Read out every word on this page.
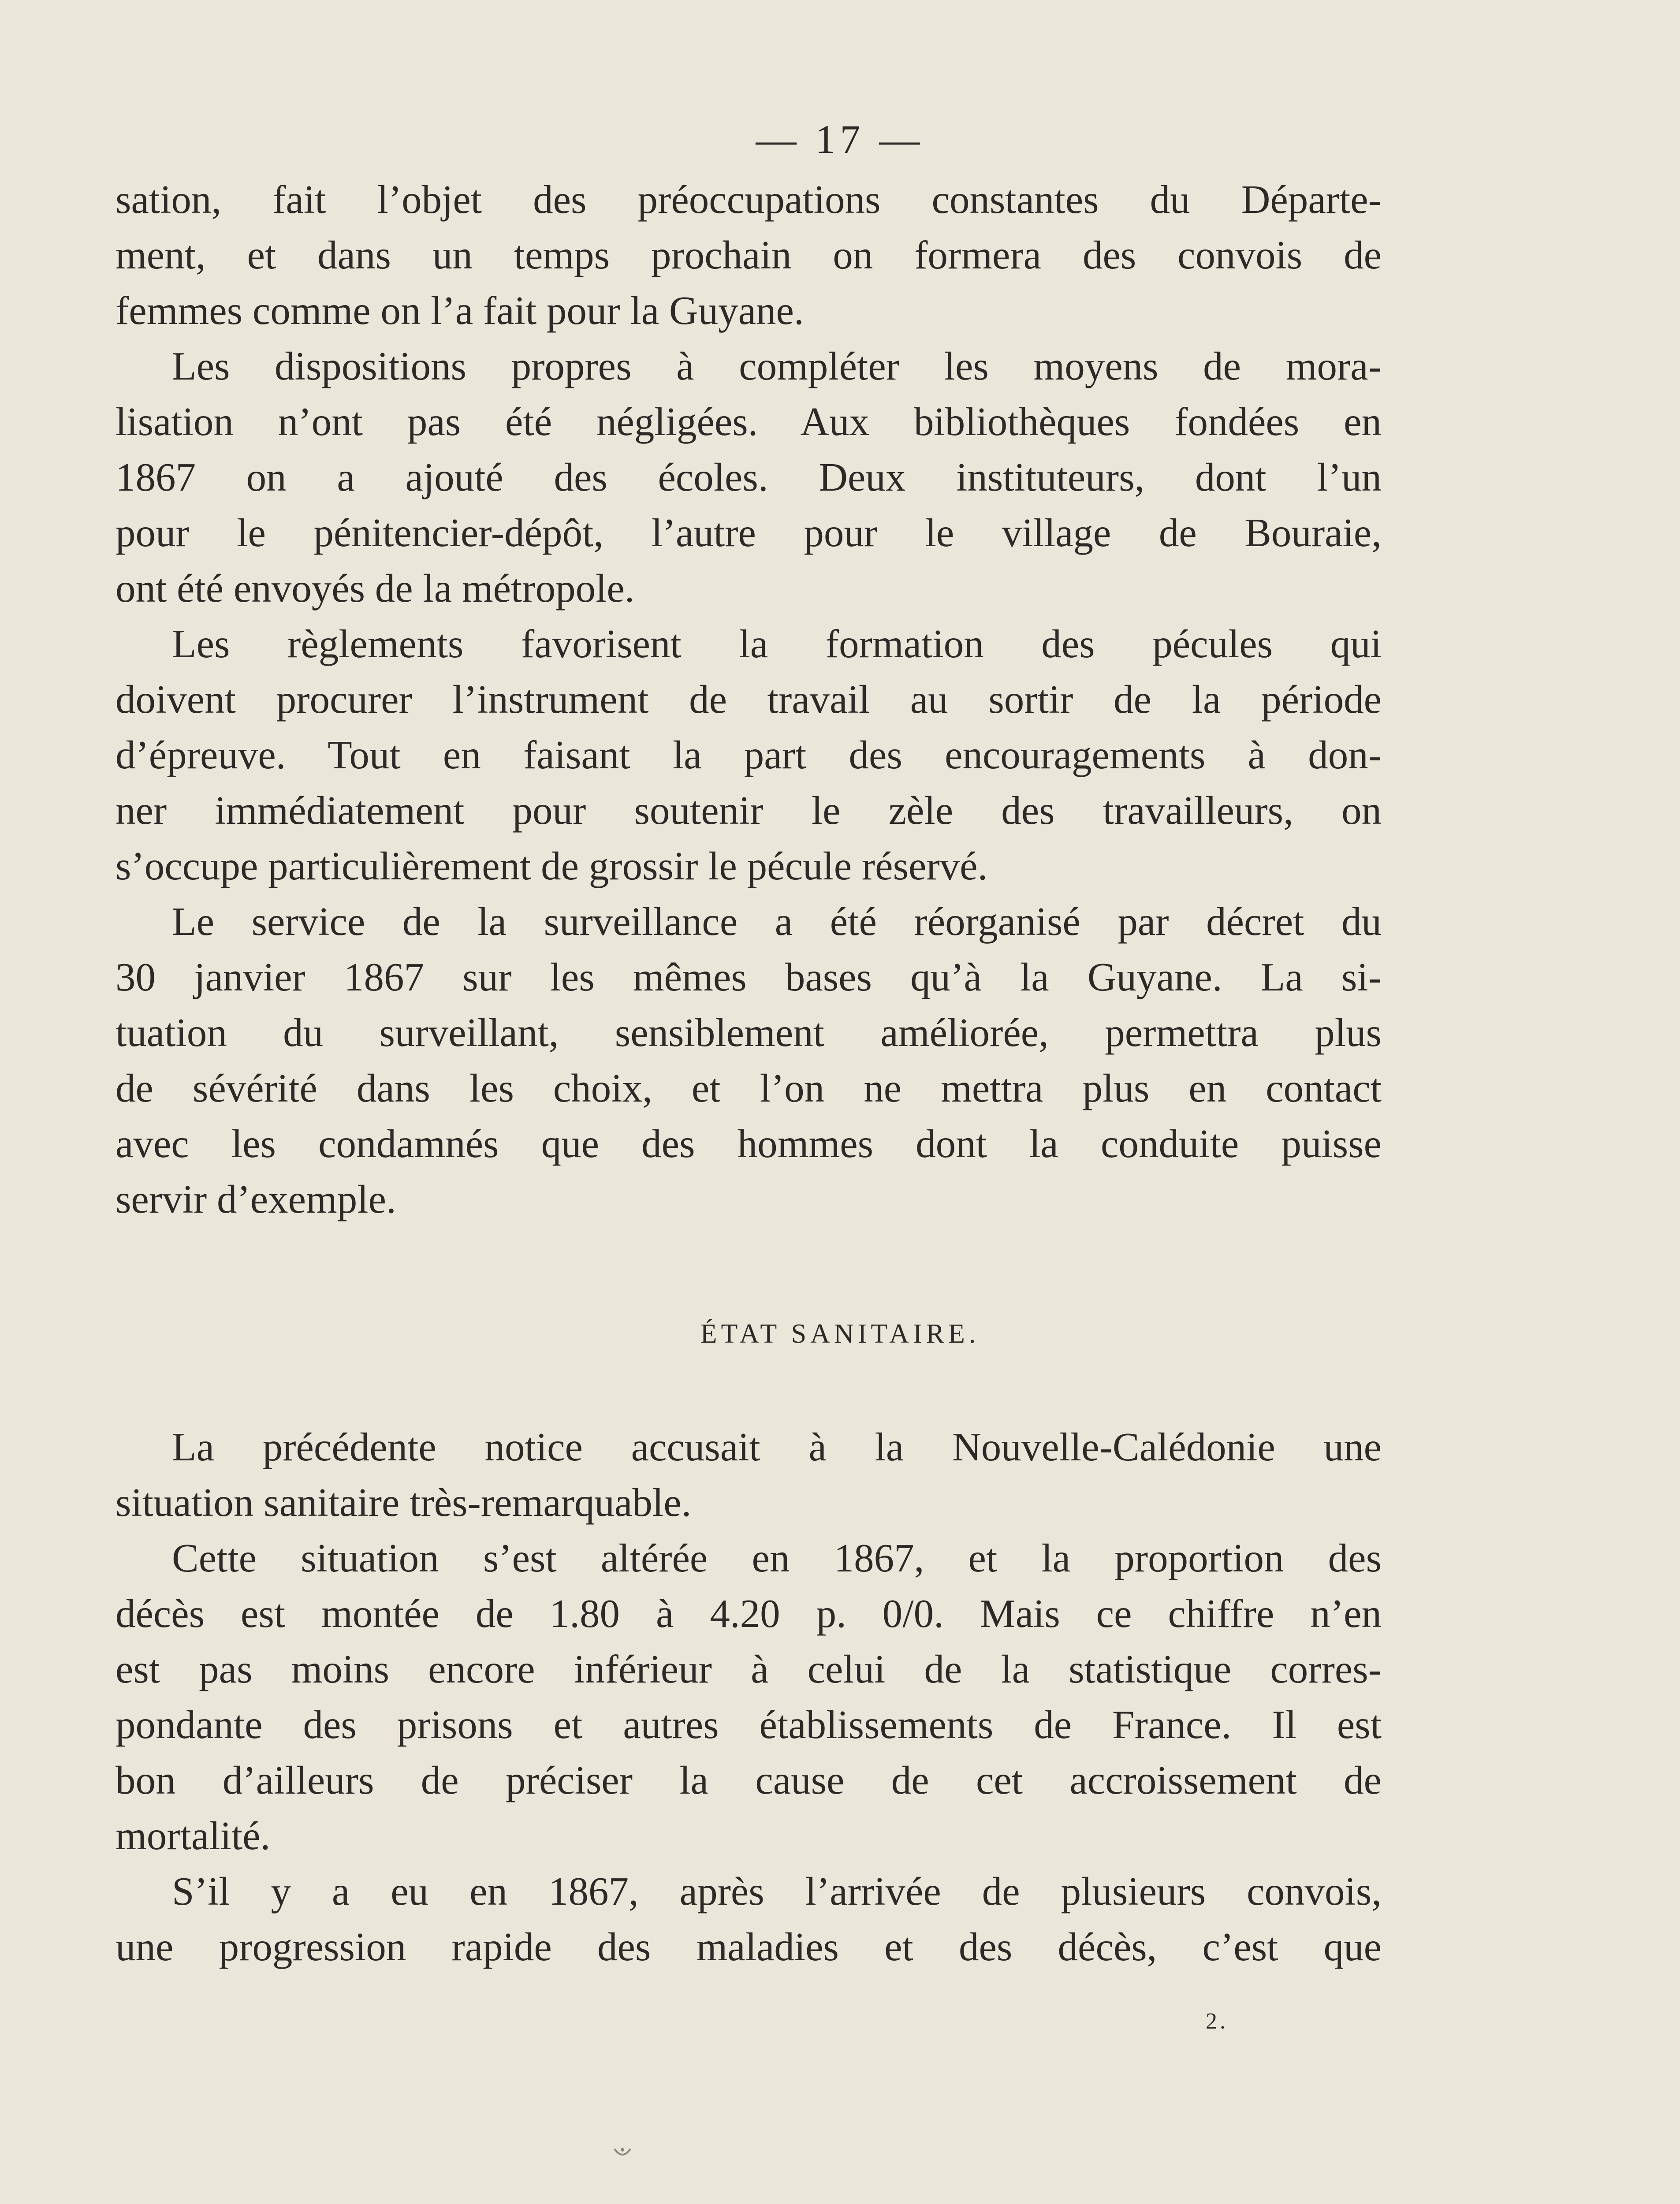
— 17 —
sation, fait l’objet des préoccupations constantes du Départe-
ment, et dans un temps prochain on formera des convois de
femmes comme on l’a fait pour la Guyane.
Les dispositions propres à compléter les moyens de mora-
lisation n’ont pas été négligées. Aux bibliothèques fondées en
1867 on a ajouté des écoles. Deux instituteurs, dont l’un
pour le pénitencier-dépôt, l’autre pour le village de Bouraie,
ont été envoyés de la métropole.
Les règlements favorisent la formation des pécules qui
doivent procurer l’instrument de travail au sortir de la période
d’épreuve. Tout en faisant la part des encouragements à don-
ner immédiatement pour soutenir le zèle des travailleurs, on
s’occupe particulièrement de grossir le pécule réservé.
Le service de la surveillance a été réorganisé par décret du
30 janvier 1867 sur les mêmes bases qu’à la Guyane. La si-
tuation du surveillant, sensiblement améliorée, permettra plus
de sévérité dans les choix, et l’on ne mettra plus en contact
avec les condamnés que des hommes dont la conduite puisse
servir d’exemple.
ÉTAT SANITAIRE.
La précédente notice accusait à la Nouvelle-Calédonie une
situation sanitaire très-remarquable.
Cette situation s’est altérée en 1867, et la proportion des
décès est montée de 1.80 à 4.20 p. 0/0. Mais ce chiffre n’en
est pas moins encore inférieur à celui de la statistique corres-
pondante des prisons et autres établissements de France. Il est
bon d’ailleurs de préciser la cause de cet accroissement de
mortalité.
S’il y a eu en 1867, après l’arrivée de plusieurs convois,
une progression rapide des maladies et des décès, c’est que
2.
